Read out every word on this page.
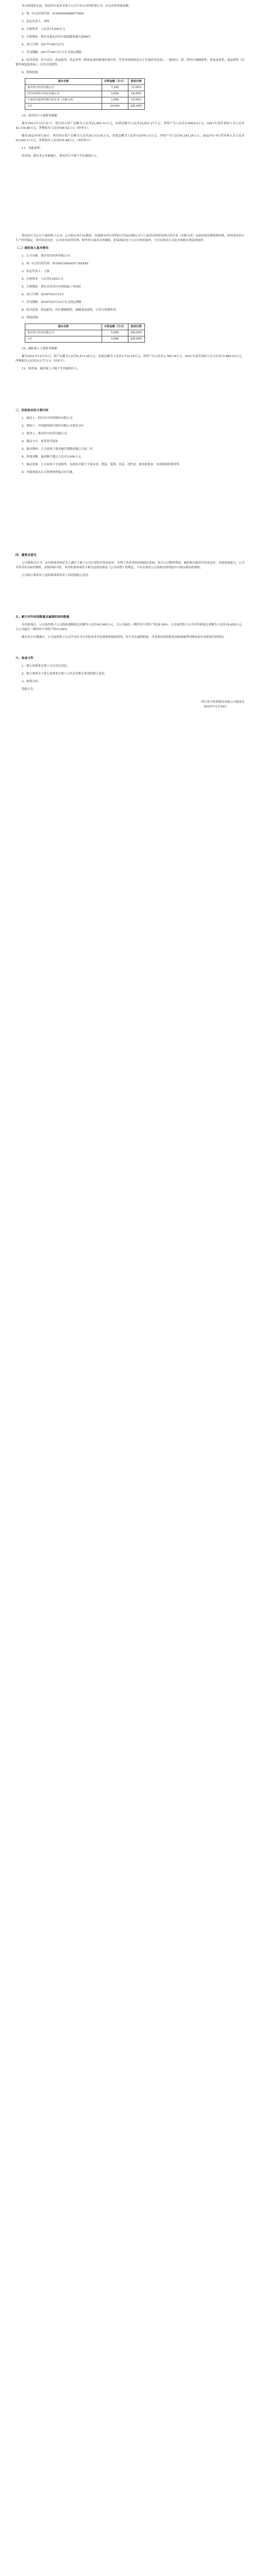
本次担保发生前，重庆四方及其全资子公司不存在对外担保行为，亦无对外担保余额。

2、统一社会信用代码：91500000688877899

3、法定代表人：刘伟

4、注册资本：人民币10,000万元

5、注册地址：重庆市渝北区回兴街道服装城大道88号

6、成立日期：2017年06月27日

7、营业期限：2017年06月27日至无固定期限

8、经营范围：许可项目：药品批发；药品零售（除依法须经批准的项目外，凭营业执照依法自主开展经营活动）。一般项目：第二类医疗器械销售；化妆品零售；食品销售（仅销售预包装食品）；日用百货销售。

9、股权结构：

股东名称	出资金额（万元）	股权比例
重庆四方医药有限公司	7,100	71.00%
四川荣药医疗用品有限公司	1,600	16.00%
宁波荣昌投资管理合伙企业（有限合伙）	1,300	13.00%
合计	10,000	100.00%

10、重庆四方主要财务数据：

截至2021年12月31日，重庆四方资产总额为人民币22,400.10万元，负债总额为人民币16,831.27万元，净资产为人民币5,568.83万元；2021年度营业收入为人民币42,316.88万元，净利润为人民币648.52万元（经审计）。

截至2022年9月30日，重庆四方资产总额为人民币26,115.42万元，负债总额为人民币19,870.13万元，净资产为人民币6,245.29万元；2022年1-9月营业收入为人民币35,420.11万元，净利润为人民币676.46万元（未经审计）。

11、其他说明：

经查询，截至本公告披露日，重庆四方不属于失信被执行人。

重庆四方为公司下属控股子公司，公司持有其71%股权，其他股东四川荣药医疗用品有限公司与宁波荣昌投资管理合伙企业（有限合伙）未按出资比例提供担保，但因重庆四方生产经营稳定，资信状况良好，公司对其经营管理、财务等方面具有控制权，担保风险处于公司可控范围内，不存在损害公司及全体股东利益的情形。

（二）被担保人基本情况

1、公司名称：重庆荣昌医药有限公司

2、统一社会信用代码：91500226MA5U7XXXXX

3、法定代表人：王强

4、注册资本：人民币5,000万元

5、注册地址：重庆市荣昌区昌州街道工业园区

6、成立日期：2016年03月15日

7、营业期限：2016年03月15日至无固定期限

8、经营范围：药品批发、医疗器械销售、保健食品销售、日用百货销售等。

9、股权结构：

股东名称	出资金额（万元）	股权比例
重庆四方医药有限公司	5,000	100.00%
合计	5,000	100.00%

10、被担保人主要财务数据：

截至2021年12月31日，资产总额为人民币8,512.36万元，负债总额为人民币5,732.18万元，净资产为人民币2,780.18万元；2021年度营业收入为人民币15,880.42万元，净利润为人民币312.77万元（经审计）。

11、经查询，被担保人不属于失信被执行人。

三、担保协议的主要内容

1、保证人：四川美丰医药股份有限公司

2、债权人：中国建设银行股份有限公司重庆分行

3、债务人：重庆四方医药有限公司

4、保证方式：连带责任保证

5、保证期间：主合同项下债务履行期限届满之日起三年。

6、担保金额：最高额不超过人民币3,000万元。

7、保证范围：主合同项下全部债务，包括但不限于全部本金、利息、复利、罚息、违约金、损害赔偿金、实现债权的费用等。

8、其他条款以正式签署的担保合同为准。

四、董事会意见

公司董事会认为：本次担保事项是为了满足下属子公司日常经营资金需求，有利于其业务的持续稳定发展，符合公司整体利益。被担保对象经营状况良好，具备偿债能力，公司对其具有实际控制权，担保风险可控。本次担保事项符合相关法律法规及《公司章程》的规定，不存在损害公司及股东特别是中小股东利益的情形。

公司独立董事对上述担保事项发表了同意的独立意见。

五、累计对外担保数量及逾期担保的数量

本次担保后，公司及控股子公司的担保额度总金额为人民币42,000万元，占公司最近一期经审计净资产的28.56%；公司及控股子公司对外担保总余额为人民币18,650万元，占公司最近一期经审计净资产的12.68%。

截至本公告披露日，公司及控股子公司不存在对合并报表外单位提供担保的情况，亦不存在逾期担保、涉及诉讼的担保及因担保被判决败诉而应承担损失的情况。

六、备查文件

1、第七届董事会第十五次会议决议；

2、独立董事关于第七届董事会第十五次会议相关事项的独立意见；

3、担保合同。

特此公告。

四川美丰医药股份有限公司董事会
2022年11月29日
